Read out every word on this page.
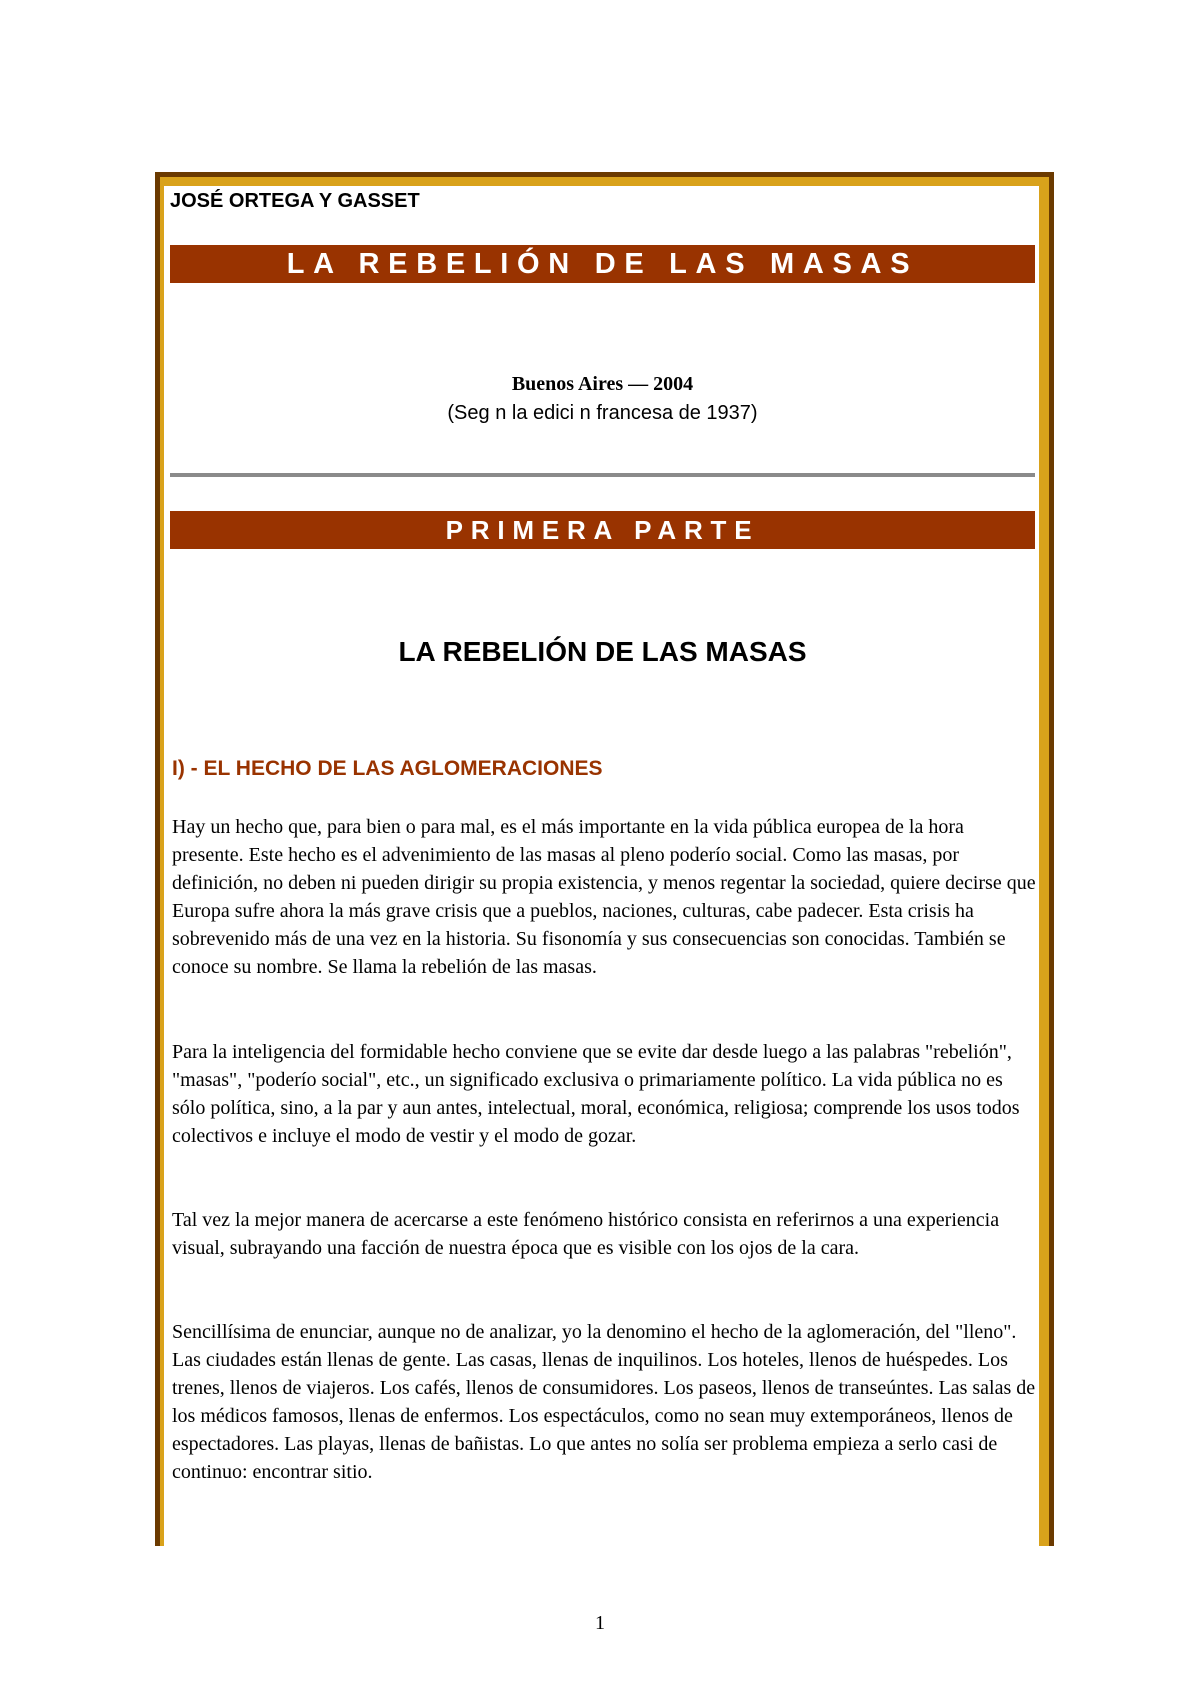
JOSÉ ORTEGA Y GASSET
LA REBELIÓN DE LAS MASAS
Buenos Aires — 2004
(Seg n la edici n francesa de 1937)
PRIMERA PARTE
LA REBELIÓN DE LAS MASAS
I) - EL HECHO DE LAS AGLOMERACIONES

Hay un hecho que, para bien o para mal, es el más importante en la vida pública europea de la hora presente. Este hecho es el advenimiento de las masas al pleno poderío social. Como las masas, por definición, no deben ni pueden dirigir su propia existencia, y menos regentar la sociedad, quiere decirse que Europa sufre ahora la más grave crisis que a pueblos, naciones, culturas, cabe padecer. Esta crisis ha sobrevenido más de una vez en la historia. Su fisonomía y sus consecuencias son conocidas. También se conoce su nombre. Se llama la rebelión de las masas.

Para la inteligencia del formidable hecho conviene que se evite dar desde luego a las palabras "rebelión", "masas", "poderío social", etc., un significado exclusiva o primariamente político. La vida pública no es sólo política, sino, a la par y aun antes, intelectual, moral, económica, religiosa; comprende los usos todos colectivos e incluye el modo de vestir y el modo de gozar.

Tal vez la mejor manera de acercarse a este fenómeno histórico consista en referirnos a una experiencia visual, subrayando una facción de nuestra época que es visible con los ojos de la cara.

Sencillísima de enunciar, aunque no de analizar, yo la denomino el hecho de la aglomeración, del "lleno". Las ciudades están llenas de gente. Las casas, llenas de inquilinos. Los hoteles, llenos de huéspedes. Los trenes, llenos de viajeros. Los cafés, llenos de consumidores. Los paseos, llenos de transeúntes. Las salas de los médicos famosos, llenas de enfermos. Los espectáculos, como no sean muy extemporáneos, llenos de espectadores. Las playas, llenas de bañistas. Lo que antes no solía ser problema empieza a serlo casi de continuo: encontrar sitio.

1
